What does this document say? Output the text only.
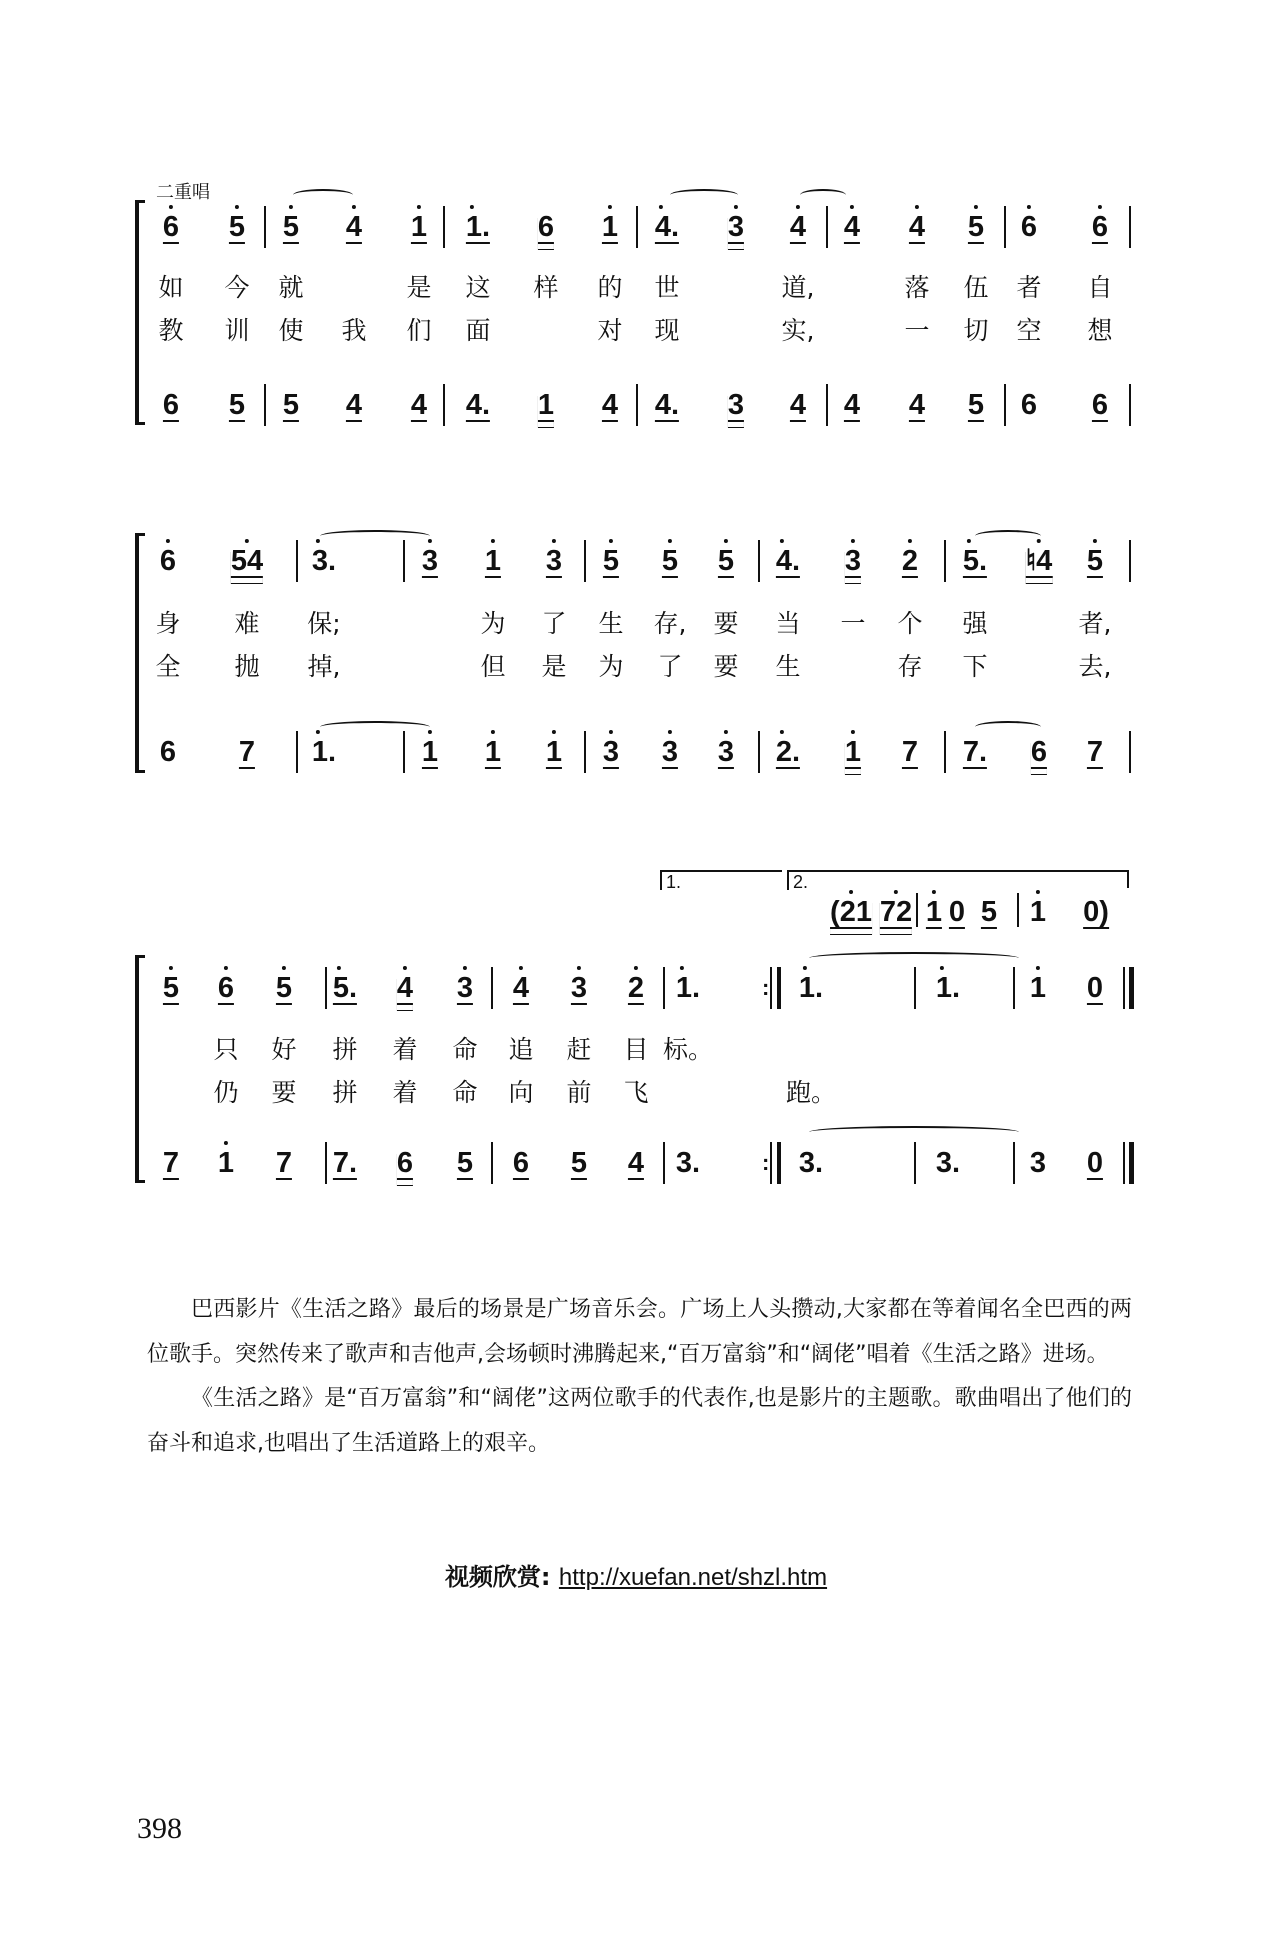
二重唱
6 5 5 4 1 1. 6 1 4. 3 4 4 4 5 6 6
6 5 5 4 4 4. 1 4 4. 3 4 4 4 5 6 6
如 今 就	是 这 样 的 世	道,	落 伍 者 自
教 训 使 我 们 面	对 现	实,	一 切 空 想
6 54 3.	3 1 3 5 5 5 4. 3 2 5. ♮4 5
6 7 1.	1 1 1 3 3 3 2. 1 7 7. 6 7
身 难 保;	为 了 生 存, 要 当 一 个 强	者,
全 抛 掉,	但 是 为 了 要 生	存 下	去,
5 6 5 5. 4 3 4 3 2 1.	1.	1. 1 0
7 1 7 7. 6 5 6 5 4 3.	3.	3. 3 0
只 好 拼 着 命 追 赶 目 标。
仍 要 拼 着 命 向 前 飞	跑。
:
:
1.	2.
(21 72 1 0 5 1 0)

巴西影片《生活之路》最后的场景是广场音乐会。广场上人头攒动,大家都在等着闻名全巴西的两位歌手。突然传来了歌声和吉他声,会场顿时沸腾起来,“百万富翁”和“阔佬”唱着《生活之路》进场。

《生活之路》是“百万富翁”和“阔佬”这两位歌手的代表作,也是影片的主题歌。歌曲唱出了他们的奋斗和追求,也唱出了生活道路上的艰辛。

视频欣赏: http://xuefan.net/shzl.htm
398
